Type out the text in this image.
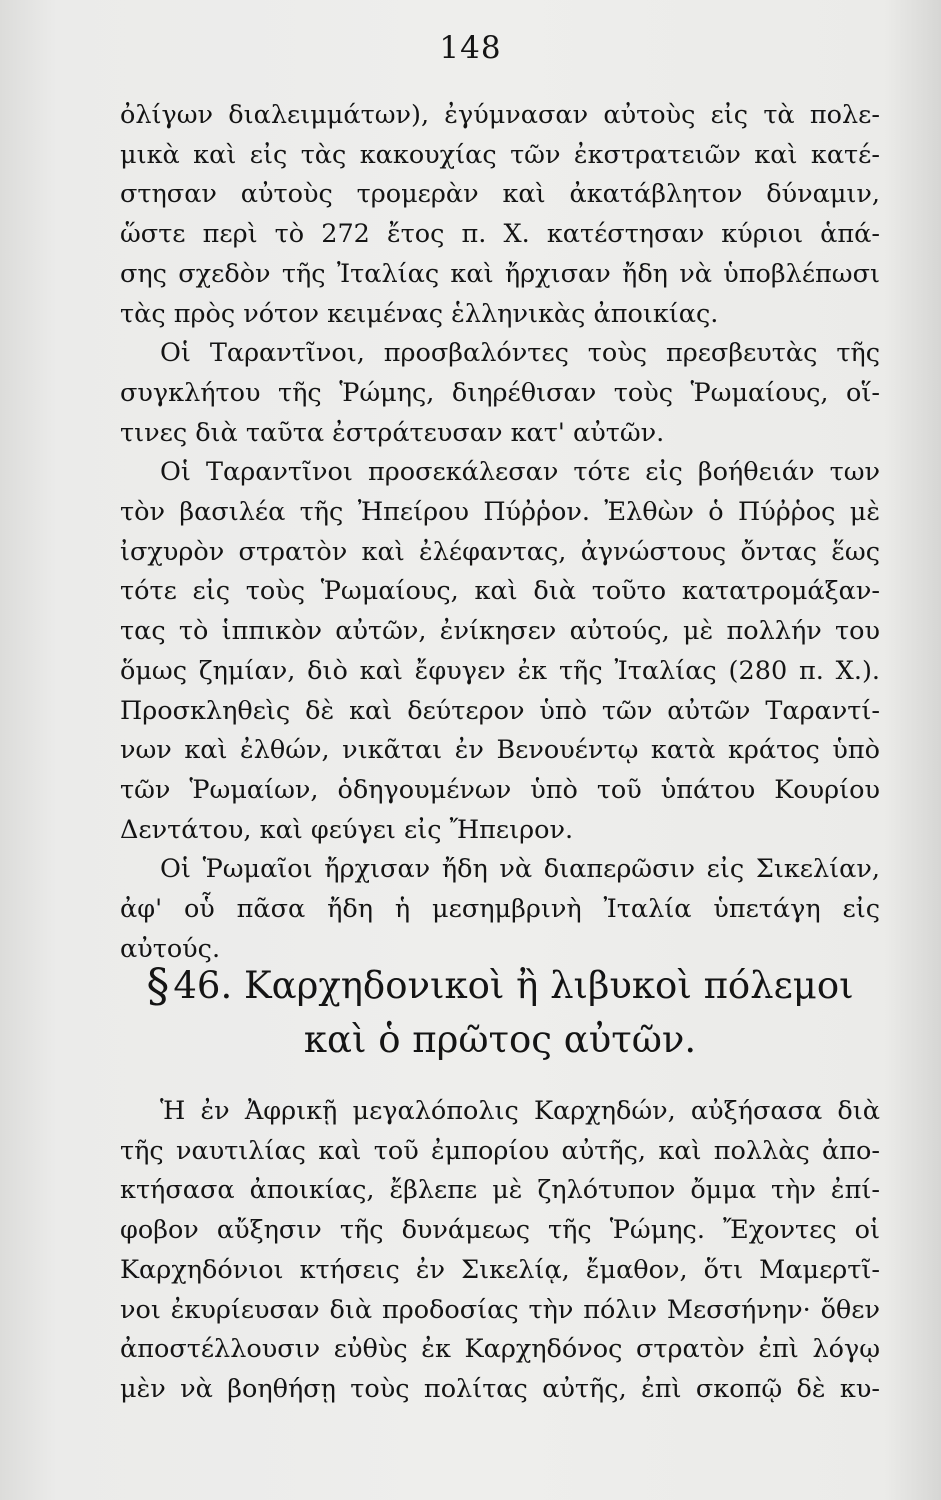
148
ὀλίγων διαλειμμάτων), ἐγύμνασαν αὐτοὺς εἰς τὰ πολε-
μικὰ καὶ εἰς τὰς κακουχίας τῶν ἐκστρατειῶν καὶ κατέ-
στησαν αὐτοὺς τρομερὰν καὶ ἀκατάβλητον δύναμιν,
ὥστε περὶ τὸ 272 ἔτος π. Χ. κατέστησαν κύριοι ἁπά-
σης σχεδὸν τῆς Ἰταλίας καὶ ἤρχισαν ἤδη νὰ ὑποβλέπωσι
τὰς πρὸς νότον κειμένας ἑλληνικὰς ἀποικίας.
Οἱ Ταραντῖνοι, προσβαλόντες τοὺς πρεσβευτὰς τῆς
συγκλήτου τῆς Ῥώμης, διηρέθισαν τοὺς Ῥωμαίους, οἵ-
τινες διὰ ταῦτα ἐστράτευσαν κατ' αὐτῶν.
Οἱ Ταραντῖνοι προσεκάλεσαν τότε εἰς βοήθειάν των
τὸν βασιλέα τῆς Ἠπείρου Πύῤῥον. Ἐλθὼν ὁ Πύῤῥος μὲ
ἰσχυρὸν στρατὸν καὶ ἐλέφαντας, ἀγνώστους ὄντας ἕως
τότε εἰς τοὺς Ῥωμαίους, καὶ διὰ τοῦτο κατατρομάξαν-
τας τὸ ἱππικὸν αὐτῶν, ἐνίκησεν αὐτούς, μὲ πολλήν του
ὅμως ζημίαν, διὸ καὶ ἔφυγεν ἐκ τῆς Ἰταλίας (280 π. Χ.).
Προσκληθεὶς δὲ καὶ δεύτερον ὑπὸ τῶν αὐτῶν Ταραντί-
νων καὶ ἐλθών, νικᾶται ἐν Βενουέντῳ κατὰ κράτος ὑπὸ
τῶν Ῥωμαίων, ὁδηγουμένων ὑπὸ τοῦ ὑπάτου Κουρίου
Δεντάτου, καὶ φεύγει εἰς Ἤπειρον.
Οἱ Ῥωμαῖοι ἤρχισαν ἤδη νὰ διαπερῶσιν εἰς Σικελίαν,
ἀφ' οὗ πᾶσα ἤδη ἡ μεσημβρινὴ Ἰταλία ὑπετάγη εἰς
αὐτούς.
§ 46. Καρχηδονικοὶ ἢ λιβυκοὶ πόλεμοι
καὶ ὁ πρῶτος αὐτῶν.
Ἡ ἐν Ἀφρικῇ μεγαλόπολις Καρχηδών, αὐξήσασα διὰ
τῆς ναυτιλίας καὶ τοῦ ἐμπορίου αὐτῆς, καὶ πολλὰς ἀπο-
κτήσασα ἀποικίας, ἔβλεπε μὲ ζηλότυπον ὄμμα τὴν ἐπί-
φοβον αὔξησιν τῆς δυνάμεως τῆς Ῥώμης. Ἔχοντες οἱ
Καρχηδόνιοι κτήσεις ἐν Σικελίᾳ, ἔμαθον, ὅτι Μαμερτῖ-
νοι ἐκυρίευσαν διὰ προδοσίας τὴν πόλιν Μεσσήνην· ὅθεν
ἀποστέλλουσιν εὐθὺς ἐκ Καρχηδόνος στρατὸν ἐπὶ λόγῳ
μὲν νὰ βοηθήσῃ τοὺς πολίτας αὐτῆς, ἐπὶ σκοπῷ δὲ κυ-
